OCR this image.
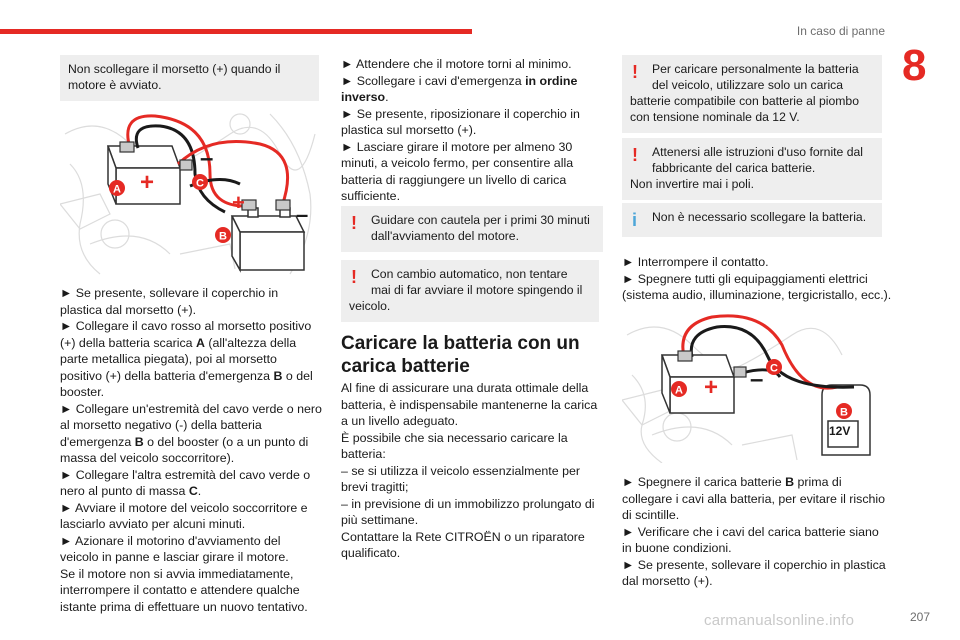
In caso di panne
8
Non scollegare il morsetto (+) quando il motore è avviato.
+
–
+ –
A	C
B

► Se presente, sollevare il coperchio in plastica dal morsetto (+).

► Collegare il cavo rosso al morsetto positivo (+) della batteria scarica A (all'altezza della parte metallica piegata), poi al morsetto positivo (+) della batteria d'emergenza B o del booster.

► Collegare un'estremità del cavo verde o nero al morsetto negativo (-) della batteria d'emergenza B o del booster (o a un punto di massa del veicolo soccorritore).

► Collegare l'altra estremità del cavo verde o nero al punto di massa C.

► Avviare il motore del veicolo soccorritore e lasciarlo avviato per alcuni minuti.

► Azionare il motorino d'avviamento del veicolo in panne e lasciar girare il motore.

Se il motore non si avvia immediatamente, interrompere il contatto e attendere qualche istante prima di effettuare un nuovo tentativo.

► Attendere che il motore torni al minimo.

► Scollegare i cavi d'emergenza in ordine inverso.

► Se presente, riposizionare il coperchio in plastica sul morsetto (+).

► Lasciare girare il motore per almeno 30 minuti, a veicolo fermo, per consentire alla batteria di raggiungere un livello di carica sufficiente.

!	Guidare con cautela per i primi 30 minuti dall'avviamento del motore.
!	Con cambio automatico, non tentare mai di far avviare il motore spingendo il
veicolo.
Caricare la batteria con un carica batterie

Al fine di assicurare una durata ottimale della batteria, è indispensabile mantenerne la carica a un livello adeguato.

È possibile che sia necessario caricare la batteria:

– se si utilizza il veicolo essenzialmente per brevi tragitti;

– in previsione di un immobilizzo prolungato di più settimane.

Contattare la Rete CITROËN o un riparatore qualificato.

!	Per caricare personalmente la batteria del veicolo, utilizzare solo un carica
batterie compatibile con batterie al piombo con tensione nominale da 12 V.
!	Attenersi alle istruzioni d'uso fornite dal fabbricante del carica batterie.
Non invertire mai i poli.
i	Non è necessario scollegare la batteria.

► Interrompere il contatto.

► Spegnere tutti gli equipaggiamenti elettrici (sistema audio, illuminazione, tergicristallo, ecc.).

12V
+ –
A
C
B

► Spegnere il carica batterie B prima di collegare i cavi alla batteria, per evitare il rischio di scintille.

► Verificare che i cavi del carica batterie siano in buone condizioni.

► Se presente, sollevare il coperchio in plastica dal morsetto (+).

carmanualsonline.info	207
